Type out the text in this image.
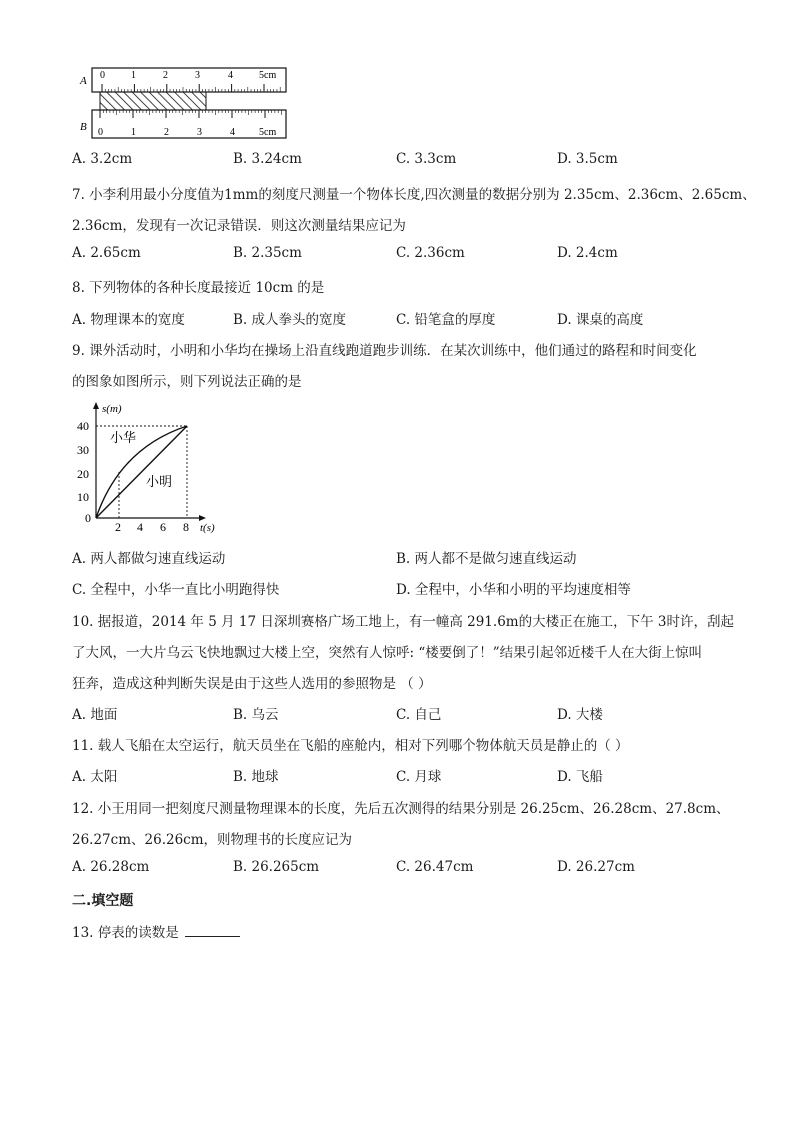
A
B
0	1	2	3	4	5cm
0	1	2	3	4 5cm
A. 3.2cm	B. 3.24cm	C. 3.3cm	D. 3.5cm
7. 小李利用最小分度值为1mm的刻度尺测量一个物体长度,四次测量的数据分别为 2.35cm、2.36cm、2.65cm、
2.36cm，发现有一次记录错误．则这次测量结果应记为
A. 2.65cm	B. 2.35cm	C. 2.36cm	D. 2.4cm
8. 下列物体的各种长度最接近 10cm 的是
A. 物理课本的宽度	B. 成人拳头的宽度	C. 铅笔盒的厚度	D. 课桌的高度
9. 课外活动时，小明和小华均在操场上沿直线跑道跑步训练．在某次训练中，他们通过的路程和时间变化
的图象如图所示，则下列说法正确的是
s(m)
t(s)
40
30
20
10
0
2 4 6 8
小华
小明
A. 两人都做匀速直线运动	B. 两人都不是做匀速直线运动
C. 全程中，小华一直比小明跑得快	D. 全程中，小华和小明的平均速度相等
10. 据报道，2014 年 5 月 17 日深圳赛格广场工地上，有一幢高 291.6m的大楼正在施工，下午 3时许，刮起
了大风，一大片乌云飞快地飘过大楼上空，突然有人惊呼: “楼要倒了！”结果引起邻近楼千人在大街上惊叫
狂奔，造成这种判断失误是由于这些人选用的参照物是 （ ）
A. 地面	B. 乌云	C. 自己	D. 大楼
11. 载人飞船在太空运行，航天员坐在飞船的座舱内，相对下列哪个物体航天员是静止的（ ）
A. 太阳	B. 地球	C. 月球	D. 飞船
12. 小王用同一把刻度尺测量物理课本的长度，先后五次测得的结果分别是 26.25cm、26.28cm、27.8cm、
26.27cm、26.26cm，则物理书的长度应记为
A. 26.28cm	B. 26.265cm	C. 26.47cm	D. 26.27cm
二.填空题
13. 停表的读数是
